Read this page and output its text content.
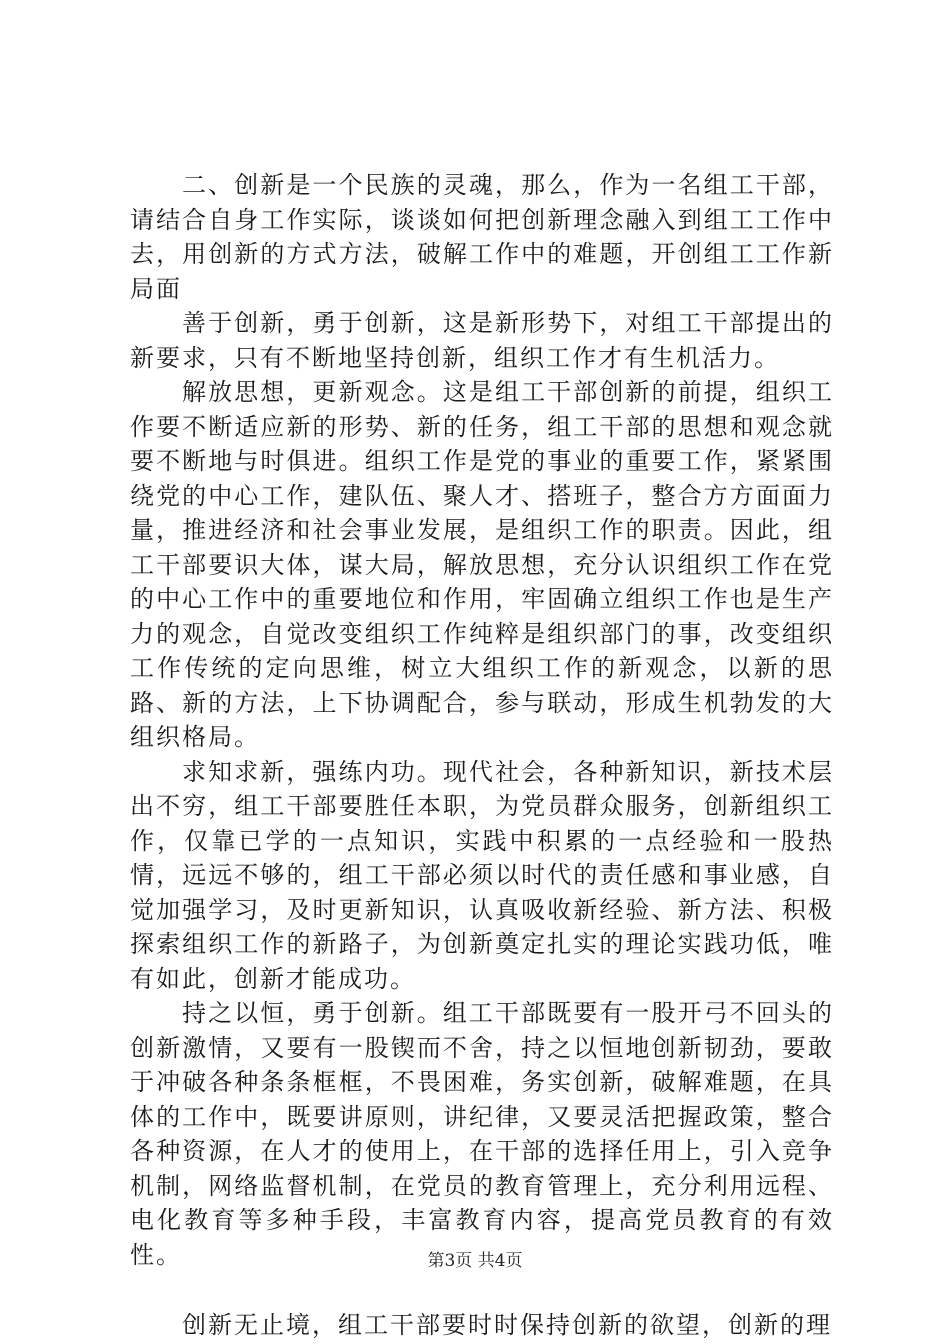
二、创新是一个民族的灵魂，那么，作为一名组工干部，请结合自身工作实际，谈谈如何把创新理念融入到组工工作中去，用创新的方式方法，破解工作中的难题，开创组工工作新局面

善于创新，勇于创新，这是新形势下，对组工干部提出的新要求，只有不断地坚持创新，组织工作才有生机活力。

解放思想，更新观念。这是组工干部创新的前提，组织工作要不断适应新的形势、新的任务，组工干部的思想和观念就要不断地与时俱进。组织工作是党的事业的重要工作，紧紧围绕党的中心工作，建队伍、聚人才、搭班子，整合方方面面力量，推进经济和社会事业发展，是组织工作的职责。因此，组工干部要识大体，谋大局，解放思想，充分认识组织工作在党的中心工作中的重要地位和作用，牢固确立组织工作也是生产力的观念，自觉改变组织工作纯粹是组织部门的事，改变组织工作传统的定向思维，树立大组织工作的新观念，以新的思路、新的方法，上下协调配合，参与联动，形成生机勃发的大组织格局。

求知求新，强练内功。现代社会，各种新知识，新技术层出不穷，组工干部要胜任本职，为党员群众服务，创新组织工作，仅靠已学的一点知识，实践中积累的一点经验和一股热情，远远不够的，组工干部必须以时代的责任感和事业感，自觉加强学习，及时更新知识，认真吸收新经验、新方法、积极探索组织工作的新路子，为创新奠定扎实的理论实践功低，唯有如此，创新才能成功。

持之以恒，勇于创新。组工干部既要有一股开弓不回头的创新激情，又要有一股锲而不舍，持之以恒地创新韧劲，要敢于冲破各种条条框框，不畏困难，务实创新，破解难题，在具体的工作中，既要讲原则，讲纪律，又要灵活把握政策，整合各种资源，在人才的使用上，在干部的选择任用上，引入竞争机制，网络监督机制，在党员的教育管理上，充分利用远程、电化教育等多种手段，丰富教育内容，提高党员教育的有效性。

创新无止境，组工干部要时时保持创新的欲望，创新的理

第3页 共4页
